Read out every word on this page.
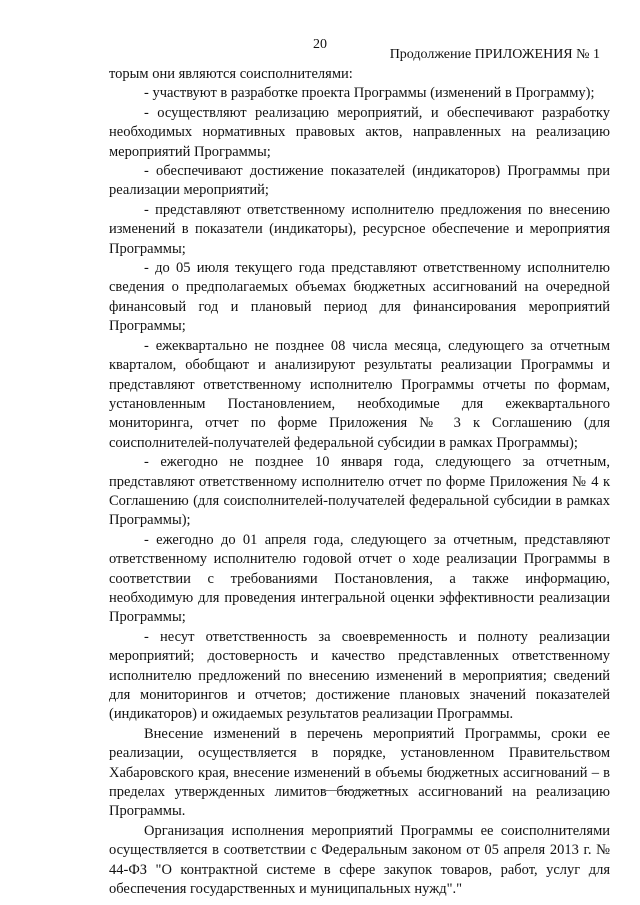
20
Продолжение ПРИЛОЖЕНИЯ № 1

торым они являются соисполнителями:

- участвуют в разработке проекта Программы (изменений в Программу);

- осуществляют реализацию мероприятий, и обеспечивают разработку необходимых нормативных правовых актов, направленных на реализацию мероприятий Программы;

- обеспечивают достижение показателей (индикаторов) Программы при реализации мероприятий;

- представляют ответственному исполнителю предложения по внесению изменений в показатели (индикаторы), ресурсное обеспечение и мероприятия Программы;

- до 05 июля текущего года представляют ответственному исполнителю сведения о предполагаемых объемах бюджетных ассигнований на очередной финансовый год и плановый период для финансирования мероприятий Программы;

- ежеквартально не позднее 08 числа месяца, следующего за отчетным кварталом, обобщают и анализируют результаты реализации Программы и представляют ответственному исполнителю Программы отчеты по формам, установленным Постановлением, необходимые для ежеквартального мониторинга, отчет по форме Приложения № 3 к Соглашению (для соисполнителей-получателей федеральной субсидии в рамках Программы);

- ежегодно не позднее 10 января года, следующего за отчетным, представляют ответственному исполнителю отчет по форме Приложения № 4 к Соглашению (для соисполнителей-получателей федеральной субсидии в рамках Программы);

- ежегодно до 01 апреля года, следующего за отчетным, представляют ответственному исполнителю годовой отчет о ходе реализации Программы в соответствии с требованиями Постановления, а также информацию, необходимую для проведения интегральной оценки эффективности реализации Программы;

- несут ответственность за своевременность и полноту реализации мероприятий; достоверность и качество представленных ответственному исполнителю предложений по внесению изменений в мероприятия; сведений для мониторингов и отчетов; достижение плановых значений показателей (индикаторов) и ожидаемых результатов реализации Программы.

Внесение изменений в перечень мероприятий Программы, сроки ее реализации, осуществляется в порядке, установленном Правительством Хабаровского края, внесение изменений в объемы бюджетных ассигнований – в пределах утвержденных лимитов бюджетных ассигнований на реализацию Программы.

Организация исполнения мероприятий Программы ее соисполнителями осуществляется в соответствии с Федеральным законом от 05 апреля 2013 г. № 44-ФЗ "О контрактной системе в сфере закупок товаров, работ, услуг для обеспечения государственных и муниципальных нужд"."
